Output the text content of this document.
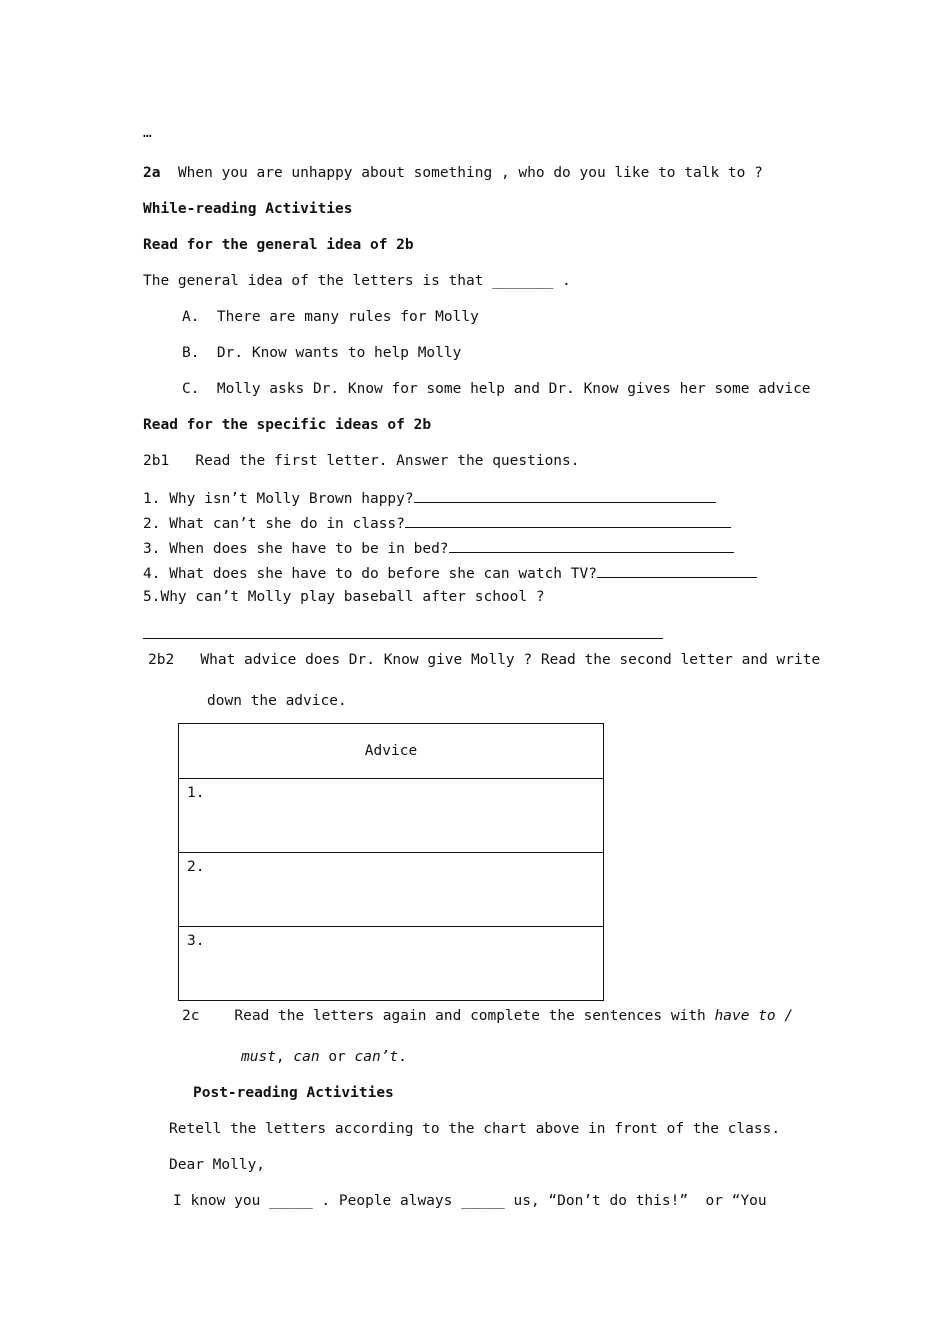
…
2a When you are unhappy about something , who do you like to talk to ?
While-reading Activities
Read for the general idea of 2b
The general idea of the letters is that _______ .
A.  There are many rules for Molly
B.  Dr. Know wants to help Molly
C.  Molly asks Dr. Know for some help and Dr. Know gives her some advice
Read for the specific ideas of 2b
2b1   Read the first letter. Answer the questions.
1. Why isn’t Molly Brown happy?
2. What can’t she do in class?
3. When does she have to be in bed?
4. What does she have to do before she can watch TV?
5.Why can’t Molly play baseball after school ?
2b2   What advice does Dr. Know give Molly ? Read the second letter and write
down the advice.
Advice

1.

2.

3.
2c    Read the letters again and complete the sentences with have to /
must, can or can’t.
Post-reading Activities
Retell the letters according to the chart above in front of the class.
Dear Molly,
I know you _____ . People always _____ us, “Don’t do this!”  or “You
